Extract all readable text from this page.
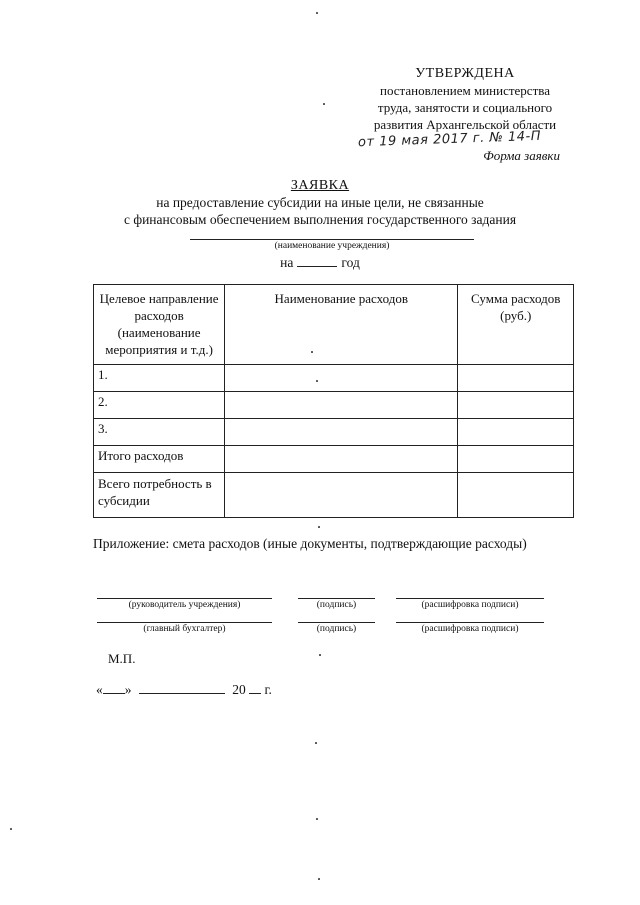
УТВЕРЖДЕНА
постановлением министерства
труда, занятости и социального
развития Архангельской области
от 19 мая 2017 г. № 14-П
Форма заявки
ЗАЯВКА
на предоставление субсидии на иные цели, не связанные
с финансовым обеспечением выполнения государственного задания
(наименование учреждения)
на	год
Целевое направление расходов (наименование мероприятия и т.д.)	Наименование расходов	Сумма расходов (руб.)
1.		
2.		
3.		
Итого расходов		
Всего потребность в субсидии		
Приложение: смета расходов (иные документы, подтверждающие расходы)
(руководитель учреждения)	(подпись)	(расшифровка подписи)
(главный бухгалтер)	(подпись)	(расшифровка подписи)
М.П.
« »	20 г.
